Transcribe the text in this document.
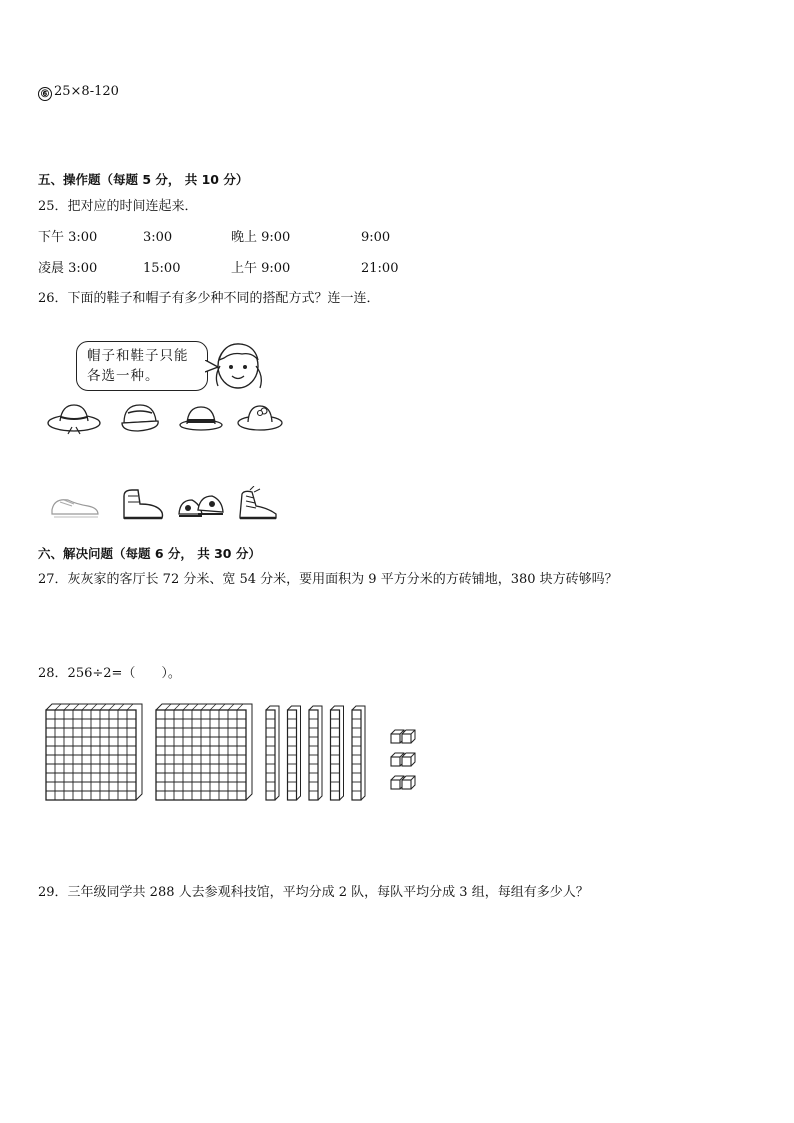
⑥ 25×8-120
五、操作题（每题 5 分， 共 10 分）
25．把对应的时间连起来．
下午 3:00	3:00	晚上 9:00	9:00
凌晨 3:00	15:00	上午 9:00	21:00
26．下面的鞋子和帽子有多少种不同的搭配方式？连一连．
帽子和鞋子只能
各选一种。
六、解决问题（每题 6 分， 共 30 分）
27．灰灰家的客厅长 72 分米、宽 54 分米，要用面积为 9 平方分米的方砖铺地，380 块方砖够吗？
28．256÷2=（　　）。
29．三年级同学共 288 人去参观科技馆，平均分成 2 队，每队平均分成 3 组，每组有多少人？
